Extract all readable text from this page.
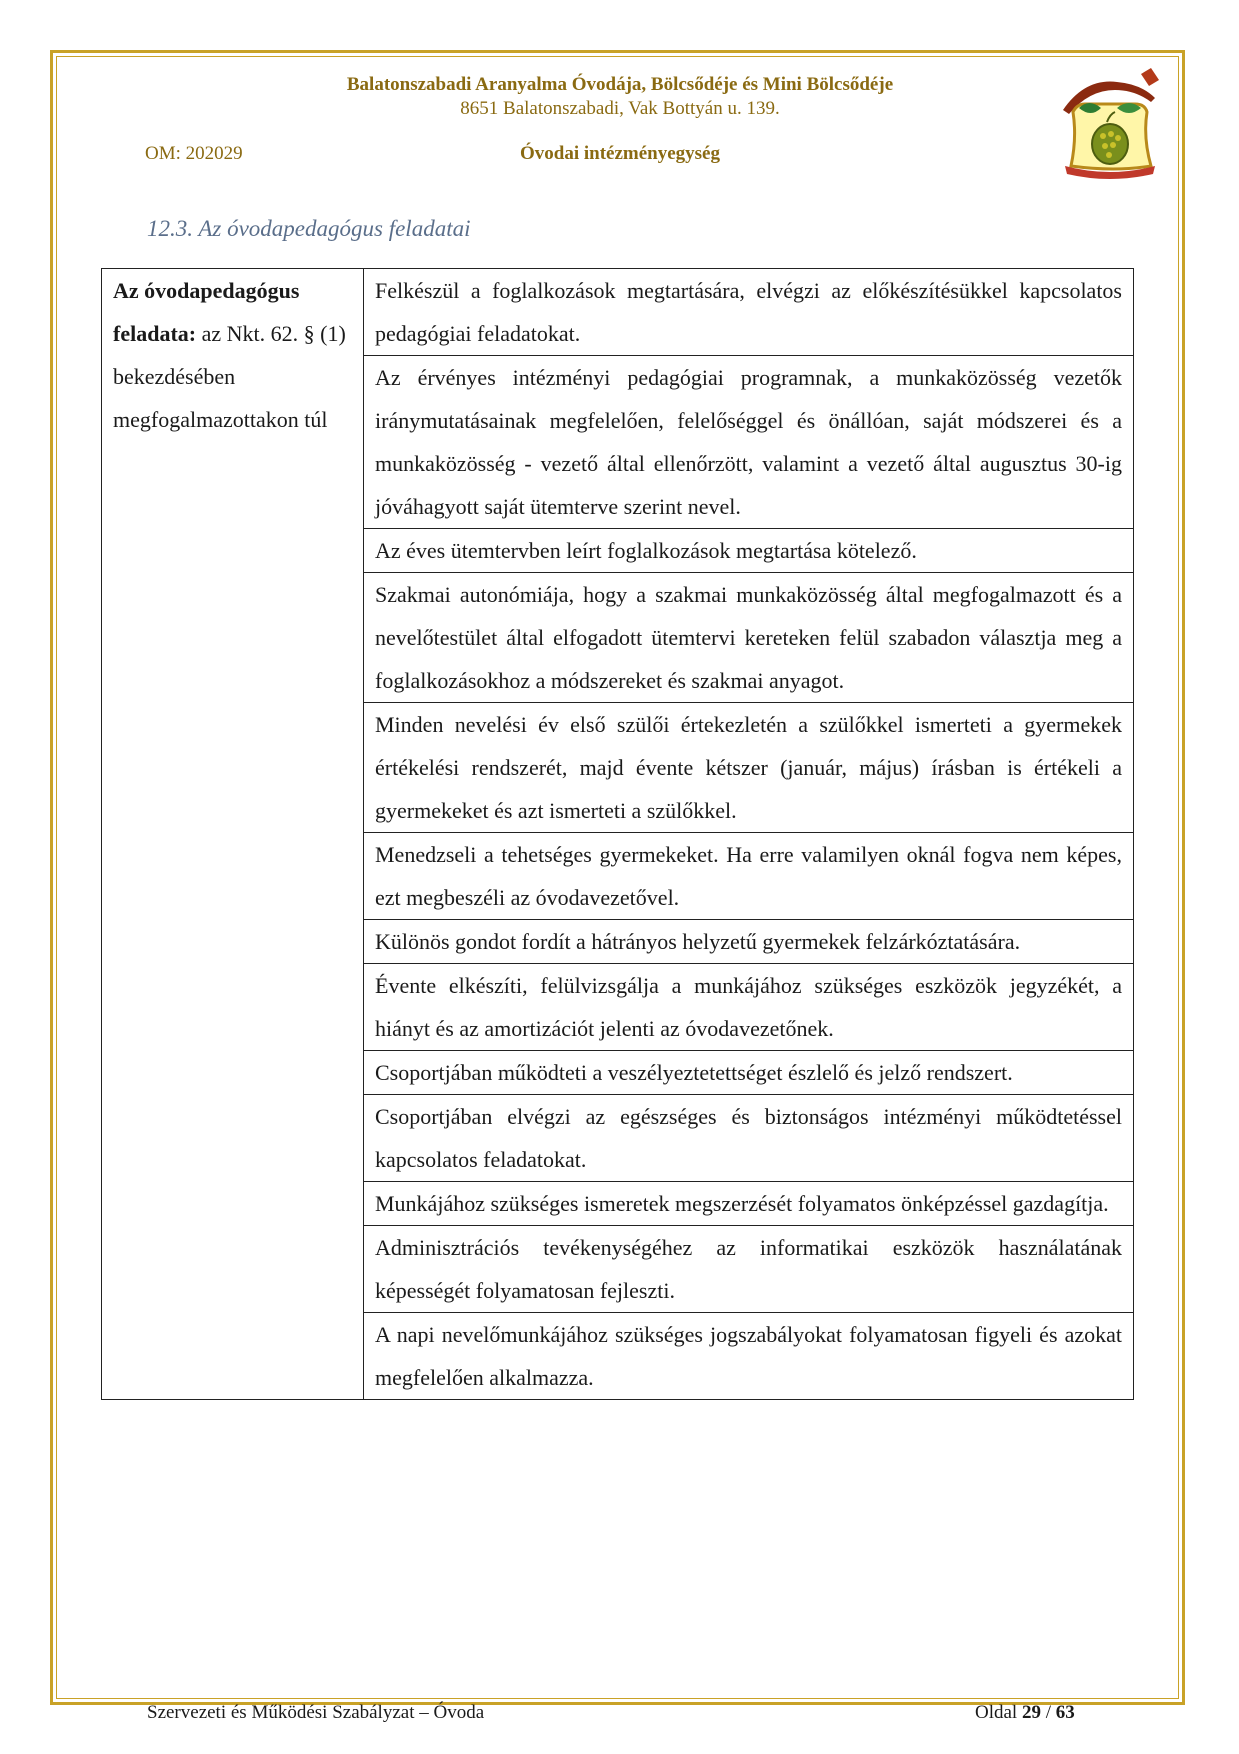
Balatonszabadi Aranyalma Óvodája, Bölcsődéje és Mini Bölcsődéje
8651 Balatonszabadi, Vak Bottyán u. 139.
OM: 202029	Óvodai intézményegység
12.3. Az óvodapedagógus feladatai
Az óvodapedagógus feladata: az Nkt. 62. § (1) bekezdésében megfogalmazottakon túl	Felkészül a foglalkozások megtartására, elvégzi az előkészítésükkel kapcsolatos pedagógiai feladatokat.
Az érvényes intézményi pedagógiai programnak, a munkaközösség vezetők iránymutatásainak megfelelően, felelőséggel és önállóan, saját módszerei és a munkaközösség - vezető által ellenőrzött, valamint a vezető által augusztus 30-ig jóváhagyott saját ütemterve szerint nevel.
Az éves ütemtervben leírt foglalkozások megtartása kötelező.
Szakmai autonómiája, hogy a szakmai munkaközösség által megfogalmazott és a nevelőtestület által elfogadott ütemtervi kereteken felül szabadon választja meg a foglalkozásokhoz a módszereket és szakmai anyagot.
Minden nevelési év első szülői értekezletén a szülőkkel ismerteti a gyermekek értékelési rendszerét, majd évente kétszer (január, május) írásban is értékeli a gyermekeket és azt ismerteti a szülőkkel.
Menedzseli a tehetséges gyermekeket. Ha erre valamilyen oknál fogva nem képes, ezt megbeszéli az óvodavezetővel.
Különös gondot fordít a hátrányos helyzetű gyermekek felzárkóztatására.
Évente elkészíti, felülvizsgálja a munkájához szükséges eszközök jegyzékét, a hiányt és az amortizációt jelenti az óvodavezetőnek.
Csoportjában működteti a veszélyeztetettséget észlelő és jelző rendszert.
Csoportjában elvégzi az egészséges és biztonságos intézményi működtetéssel kapcsolatos feladatokat.
Munkájához szükséges ismeretek megszerzését folyamatos önképzéssel gazdagítja.
Adminisztrációs tevékenységéhez az informatikai eszközök használatának képességét folyamatosan fejleszti.
A napi nevelőmunkájához szükséges jogszabályokat folyamatosan figyeli és azokat megfelelően alkalmazza.
Szervezeti és Működési Szabályzat – Óvoda	Oldal 29 / 63
